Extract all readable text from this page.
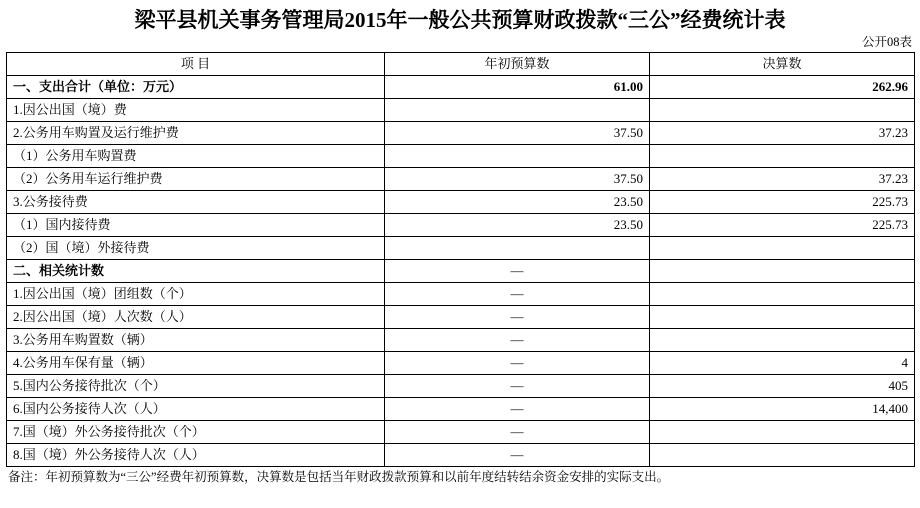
梁平县机关事务管理局2015年一般公共预算财政拨款“三公”经费统计表
公开08表
项 目	年初预算数	决算数
一、支出合计（单位：万元）	61.00	262.96
1.因公出国（境）费		
2.公务用车购置及运行维护费	37.50	37.23
（1）公务用车购置费		
（2）公务用车运行维护费	37.50	37.23
3.公务接待费	23.50	225.73
（1）国内接待费	23.50	225.73
（2）国（境）外接待费		
二、相关统计数	—	
1.因公出国（境）团组数（个）	—	
2.因公出国（境）人次数（人）	—	
3.公务用车购置数（辆）	—	
4.公务用车保有量（辆）	—	4
5.国内公务接待批次（个）	—	405
6.国内公务接待人次（人）	—	14,400
7.国（境）外公务接待批次（个）	—	
8.国（境）外公务接待人次（人）	—	
备注：年初预算数为“三公”经费年初预算数，决算数是包括当年财政拨款预算和以前年度结转结余资金安排的实际支出。
